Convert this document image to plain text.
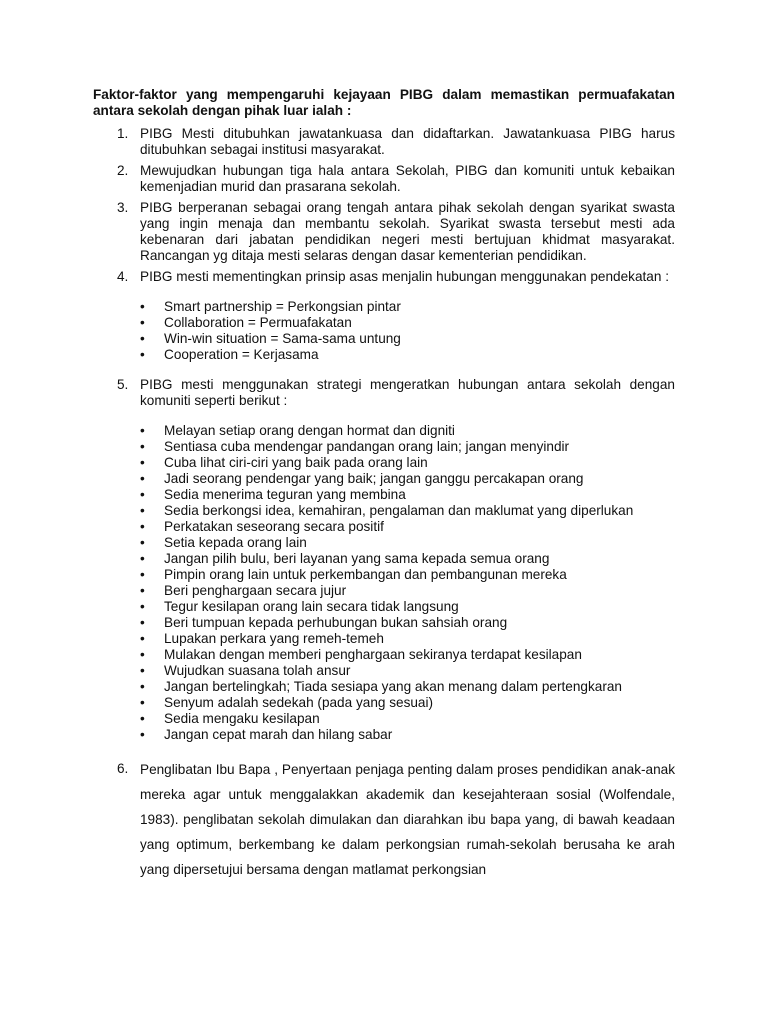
Faktor-faktor yang mempengaruhi kejayaan PIBG dalam memastikan permuafakatan antara sekolah dengan pihak luar ialah :
1. PIBG Mesti ditubuhkan jawatankuasa dan didaftarkan. Jawatankuasa PIBG harus ditubuhkan sebagai institusi masyarakat.
2. Mewujudkan hubungan tiga hala antara Sekolah, PIBG dan komuniti untuk kebaikan kemenjadian murid dan prasarana sekolah.
3. PIBG berperanan sebagai orang tengah antara pihak sekolah dengan syarikat swasta yang ingin menaja dan membantu sekolah. Syarikat swasta tersebut mesti ada kebenaran dari jabatan pendidikan negeri mesti bertujuan khidmat masyarakat. Rancangan yg ditaja mesti selaras dengan dasar kementerian pendidikan.
4. PIBG mesti mementingkan prinsip asas menjalin hubungan menggunakan pendekatan :
• Smart partnership = Perkongsian pintar
• Collaboration = Permuafakatan
• Win-win situation = Sama-sama untung
• Cooperation = Kerjasama
5. PIBG mesti menggunakan strategi mengeratkan hubungan antara sekolah dengan komuniti seperti berikut :
• Melayan setiap orang dengan hormat dan digniti
• Sentiasa cuba mendengar pandangan orang lain; jangan menyindir
• Cuba lihat ciri-ciri yang baik pada orang lain
• Jadi seorang pendengar yang baik; jangan ganggu percakapan orang
• Sedia menerima teguran yang membina
• Sedia berkongsi idea, kemahiran, pengalaman dan maklumat yang diperlukan
• Perkatakan seseorang secara positif
• Setia kepada orang lain
• Jangan pilih bulu, beri layanan yang sama kepada semua orang
• Pimpin orang lain untuk perkembangan dan pembangunan mereka
• Beri penghargaan secara jujur
• Tegur kesilapan orang lain secara tidak langsung
• Beri tumpuan kepada perhubungan bukan sahsiah orang
• Lupakan perkara yang remeh-temeh
• Mulakan dengan memberi penghargaan sekiranya terdapat kesilapan
• Wujudkan suasana tolah ansur
• Jangan bertelingkah; Tiada sesiapa yang akan menang dalam pertengkaran
• Senyum adalah sedekah (pada yang sesuai)
• Sedia mengaku kesilapan
• Jangan cepat marah dan hilang sabar
6. Penglibatan Ibu Bapa , Penyertaan penjaga penting dalam proses pendidikan anak-anak mereka agar untuk menggalakkan akademik dan kesejahteraan sosial (Wolfendale, 1983). penglibatan sekolah dimulakan dan diarahkan ibu bapa yang, di bawah keadaan yang optimum, berkembang ke dalam perkongsian rumah-sekolah berusaha ke arah yang dipersetujui bersama dengan matlamat perkongsian
